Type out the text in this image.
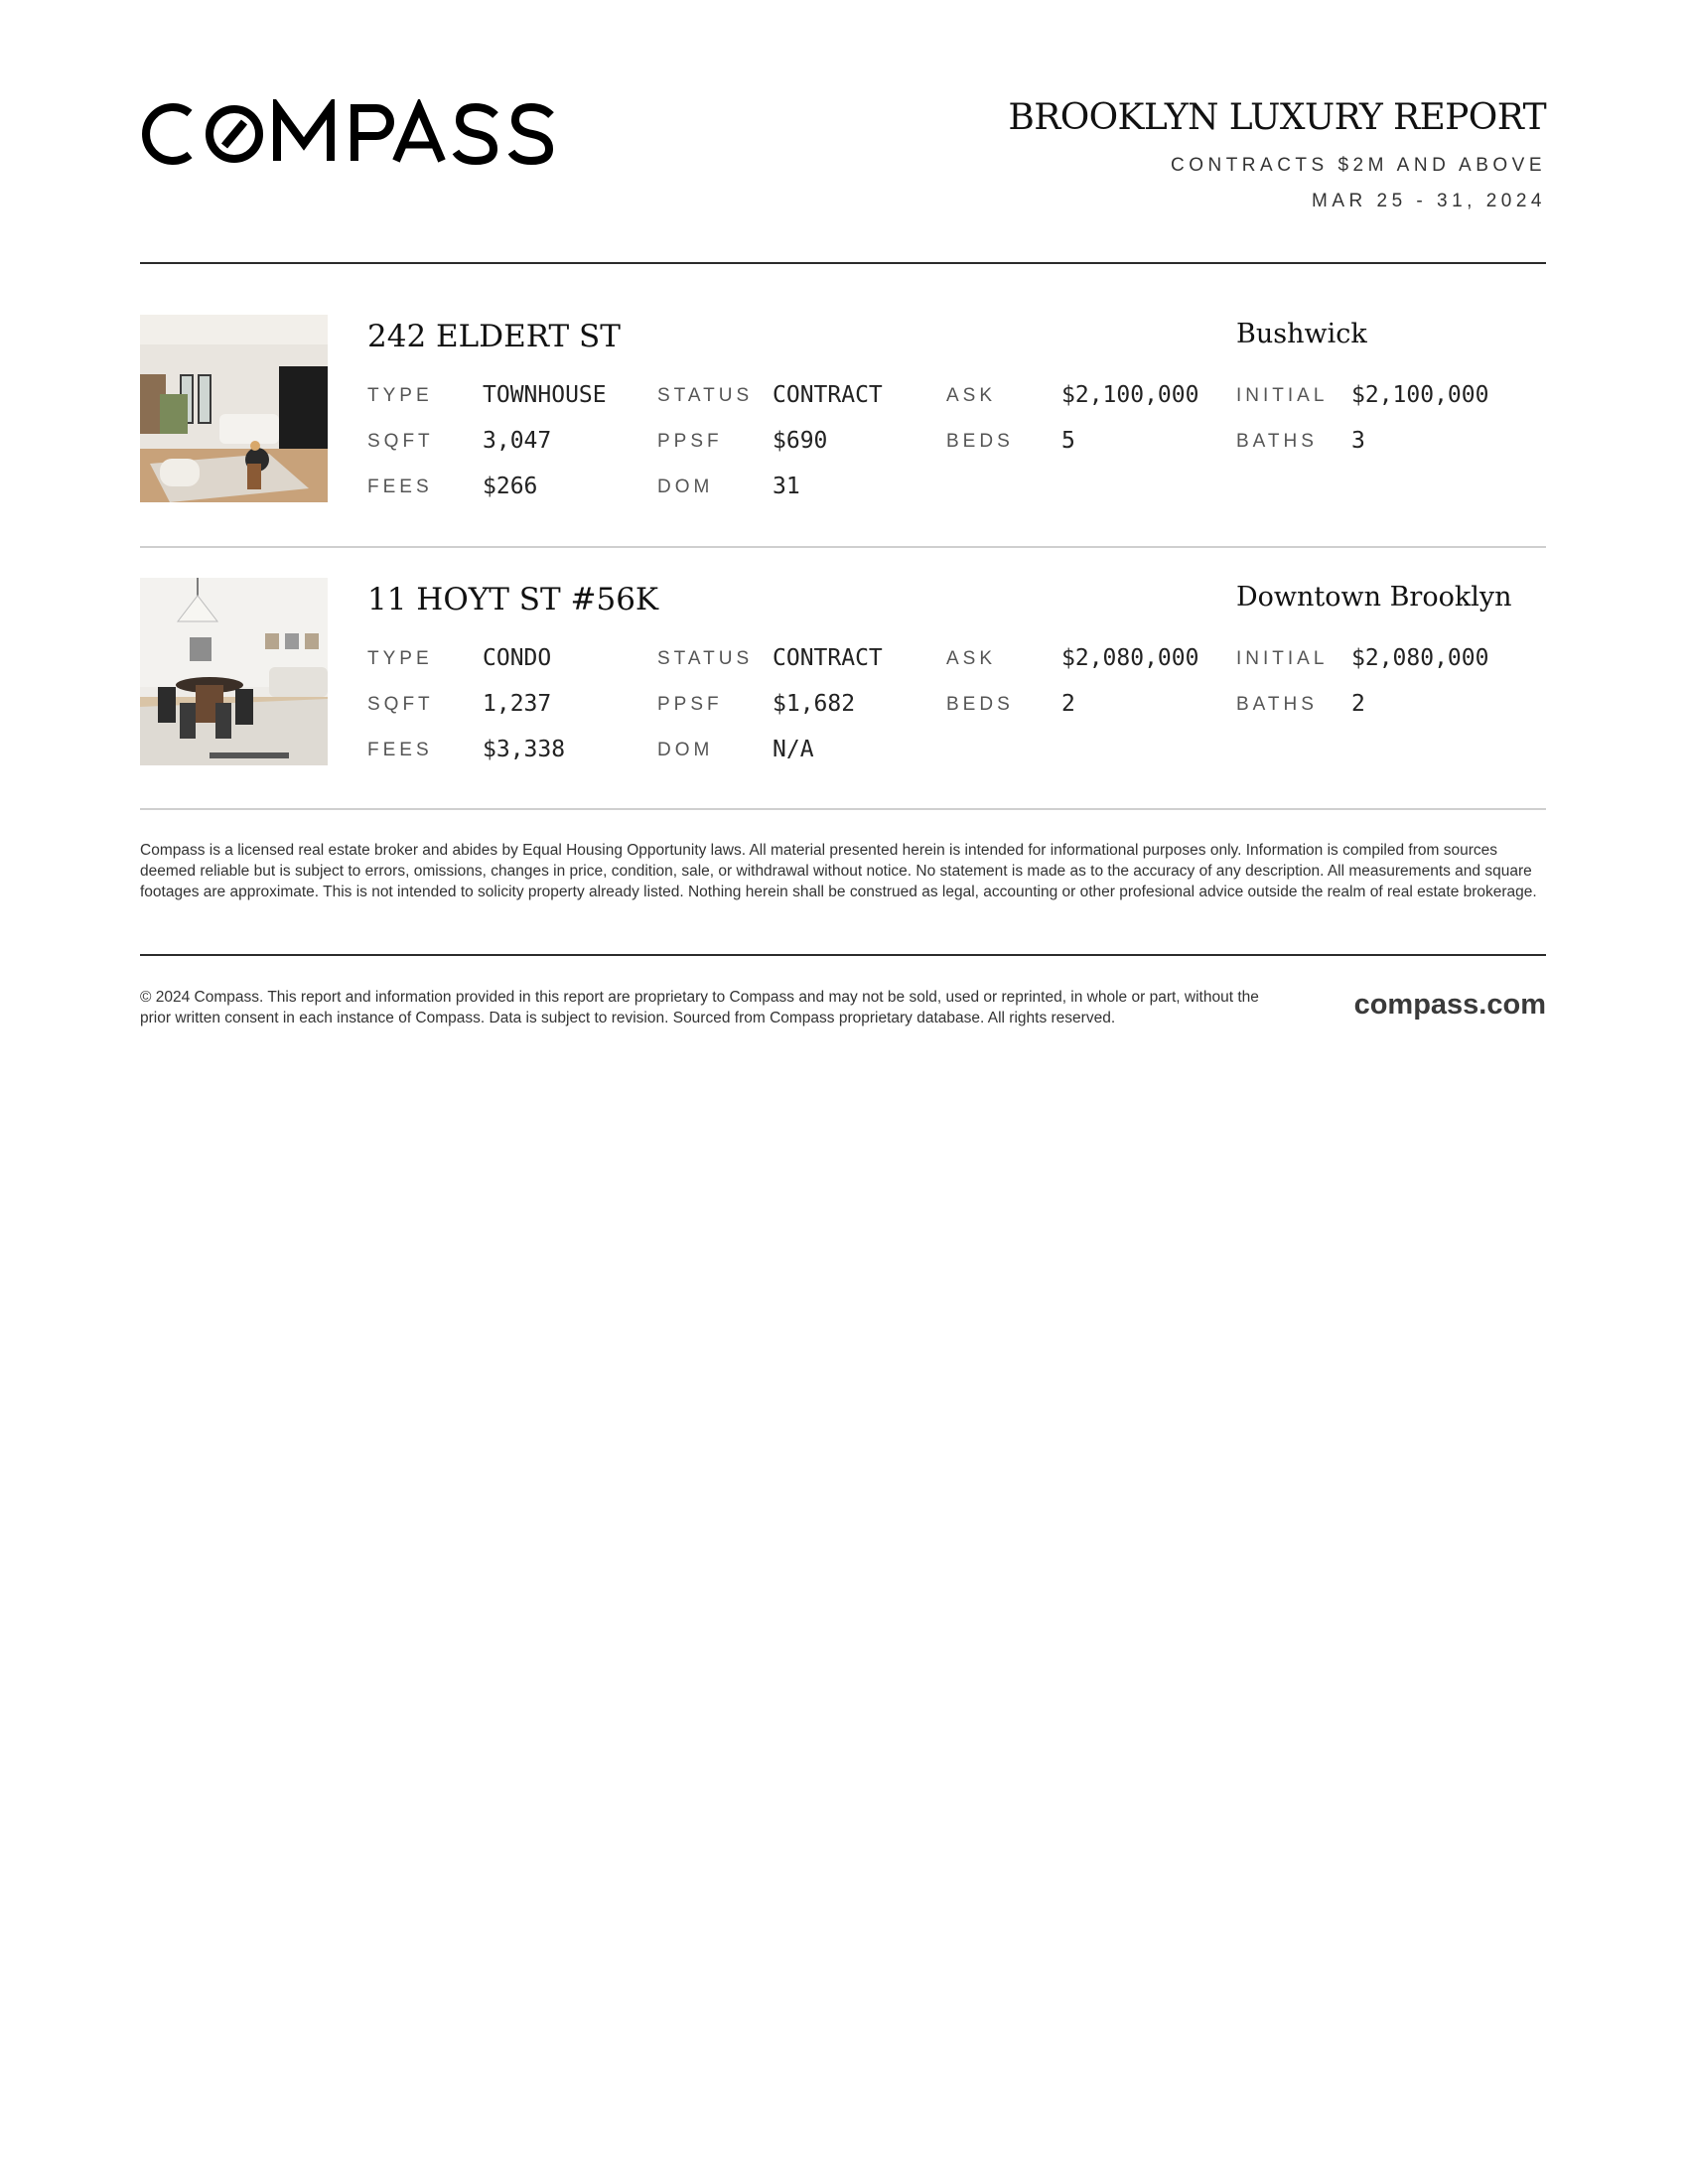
BROOKLYN LUXURY REPORT
CONTRACTS $2M AND ABOVE
MAR 25 - 31, 2024
242 ELDERT ST	Bushwick
TYPE TOWNHOUSE	STATUS CONTRACT	ASK	$2,100,000 INITIAL $2,100,000
SQFT 3,047	PPSF $690	BEDS 5	BATHS 3
FEES $266	DOM	31
11 HOYT ST #56K	Downtown Brooklyn
TYPE CONDO	STATUS CONTRACT	ASK	$2,080,000 INITIAL $2,080,000
SQFT 1,237	PPSF $1,682	BEDS 2	BATHS 2
FEES $3,338	DOM	N/A
Compass is a licensed real estate broker and abides by Equal Housing Opportunity laws. All material presented herein is intended for informational purposes only. Information is compiled from sources deemed reliable but is subject to errors, omissions, changes in price, condition, sale, or withdrawal without notice. No statement is made as to the accuracy of any description. All measurements and square footages are approximate. This is not intended to solicity property already listed. Nothing herein shall be construed as legal, accounting or other profesional advice outside the realm of real estate brokerage.
© 2024 Compass. This report and information provided in this report are proprietary to Compass and may not be sold, used or reprinted, in whole or part, without the prior written consent in each instance of Compass. Data is subject to revision. Sourced from Compass proprietary database. All rights reserved.	compass.com
